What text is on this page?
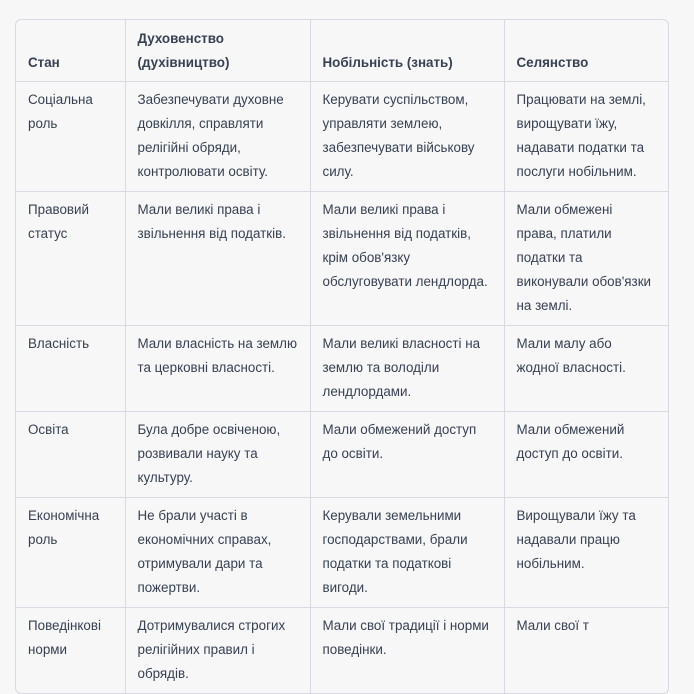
Стан	Духовенство (духівництво)	Нобільність (знать)	Селянство
Соціальна роль	Забезпечувати духовне довкілля, справляти релігійні обряди, контролювати освіту.	Керувати суспільством, управляти землею, забезпечувати військову силу.	Працювати на землі, вирощувати їжу, надавати податки та послуги нобільним.
Правовий статус	Мали великі права і звільнення від податків.	Мали великі права і звільнення від податків, крім обов'язку обслуговувати лендлорда.	Мали обмежені права, платили податки та виконували обов'язки на землі.
Власність	Мали власність на землю та церковні власності.	Мали великі власності на землю та володіли лендлордами.	Мали малу або жодної власності.
Освіта	Була добре освіченою, розвивали науку та культуру.	Мали обмежений доступ до освіти.	Мали обмежений доступ до освіти.
Економічна роль	Не брали участі в економічних справах, отримували дари та пожертви.	Керували земельними господарствами, брали податки та податкові вигоди.	Вирощували їжу та надавали працю нобільним.
Поведінкові норми	Дотримувалися строгих релігійних правил і обрядів.	Мали свої традиції і норми поведінки.	Мали свої т
